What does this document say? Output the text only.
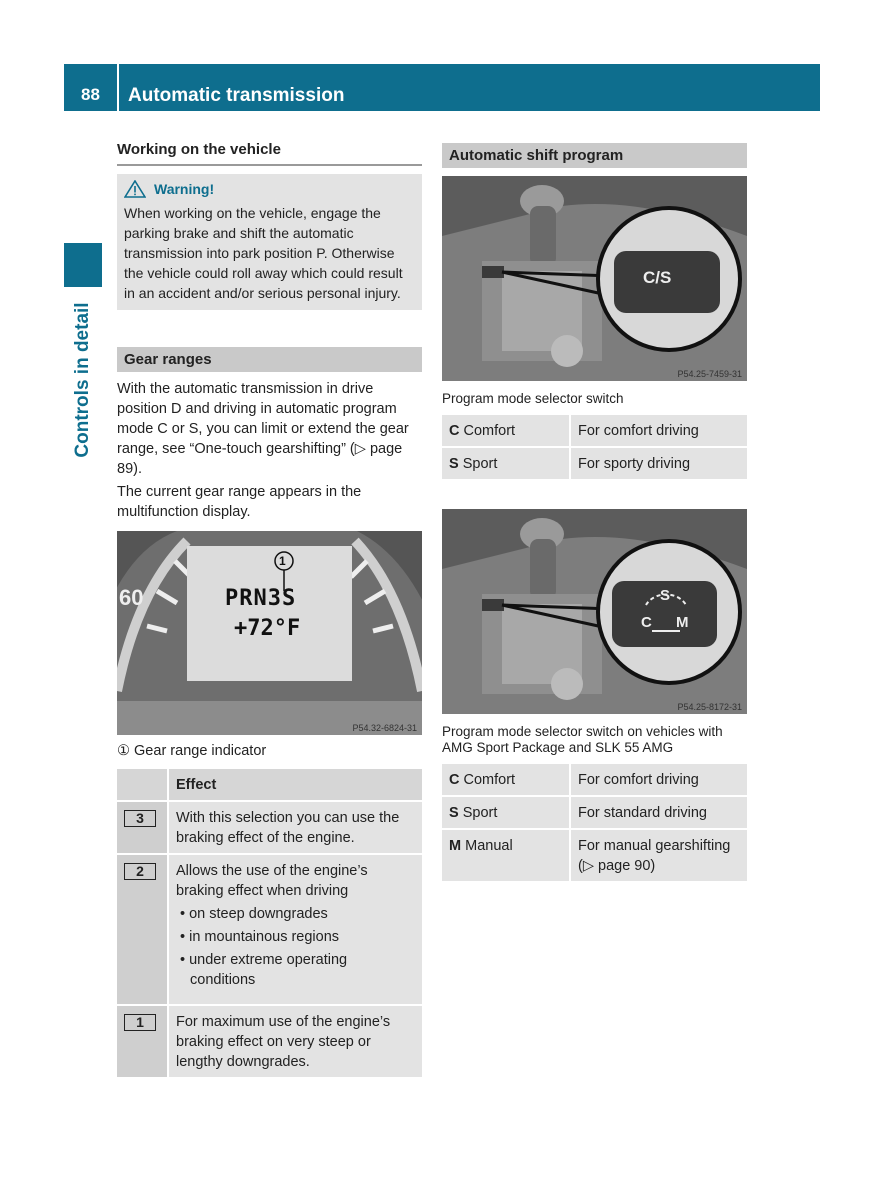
88	Automatic transmission
Controls in detail
Working on the vehicle
Warning!
When working on the vehicle, engage the parking brake and shift the automatic transmission into park position P. Otherwise the vehicle could roll away which could result in an accident and/or serious personal injury.
Gear ranges
With the automatic transmission in drive position D and driving in automatic program mode C or S, you can limit or extend the gear range, see “One-touch gearshifting” (▷ page 89).
The current gear range appears in the multifunction display.
60
1
PRN3S
+72°F
P54.32-6824-31
① Gear range indicator
	Effect
3	With this selection you can use the braking effect of the engine.
2	Allows the use of the engine’s braking effect when driving
• on steep downgrades
• in mountainous regions
• under extreme operating conditions

1	For maximum use of the engine’s braking effect on very steep or lengthy downgrades.
Automatic shift program
C/S
P54.25-7459-31
Program mode selector switch
C Comfort	For comfort driving
S Sport	For sporty driving
S
C M
P54.25-8172-31
Program mode selector switch on vehicles with AMG Sport Package and SLK 55 AMG
C Comfort	For comfort driving
S Sport	For standard driving
M Manual	For manual gearshifting (▷ page 90)
